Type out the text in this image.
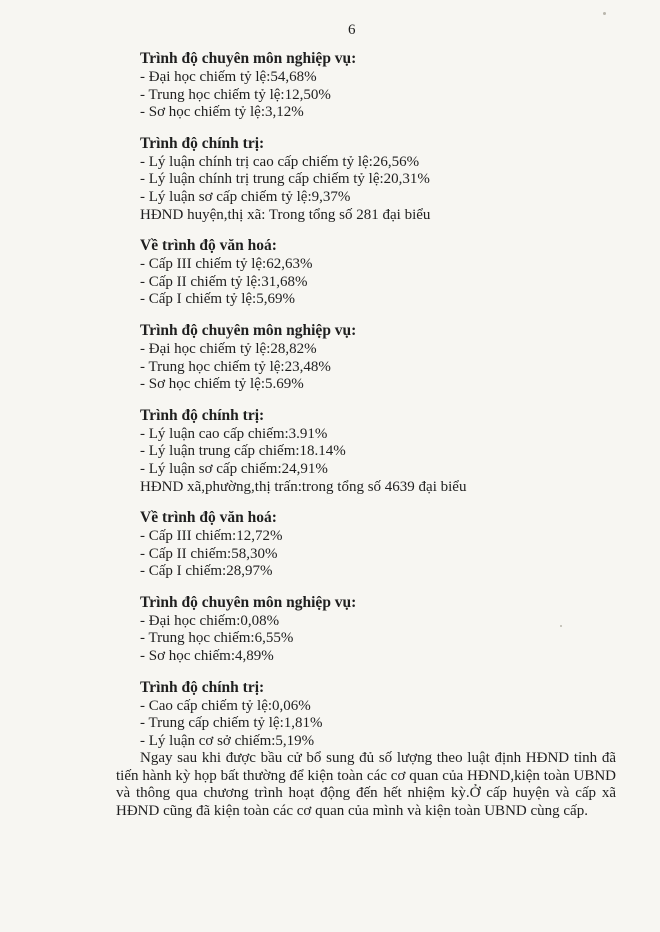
6
Trình độ chuyên môn nghiệp vụ:
- Đại học chiếm tỷ lệ:54,68%
- Trung học chiếm tỷ lệ:12,50%
- Sơ học chiếm tỷ lệ:3,12%
Trình độ chính trị:
- Lý luận chính trị cao cấp chiếm tỷ lệ:26,56%
- Lý luận chính trị trung cấp chiếm tỷ lệ:20,31%
- Lý luận sơ cấp chiếm tỷ lệ:9,37%
HĐND huyện,thị xã: Trong tổng số 281 đại biểu
Về trình độ văn hoá:
- Cấp III chiếm tỷ lệ:62,63%
- Cấp II chiếm tỷ lệ:31,68%
- Cấp I chiếm tỷ lệ:5,69%
Trình độ chuyên môn nghiệp vụ:
- Đại học chiếm tỷ lệ:28,82%
- Trung học chiếm tỷ lệ:23,48%
- Sơ học chiếm tỷ lệ:5.69%
Trình độ chính trị:
- Lý luận cao cấp chiếm:3.91%
- Lý luận trung cấp chiếm:18.14%
- Lý luận sơ cấp chiếm:24,91%
HĐND xã,phường,thị trấn:trong tổng số 4639 đại biểu
Về trình độ văn hoá:
- Cấp III chiếm:12,72%
- Cấp II chiếm:58,30%
- Cấp I chiếm:28,97%
Trình độ chuyên môn nghiệp vụ:
- Đại học chiếm:0,08%
- Trung học chiếm:6,55%
- Sơ học chiếm:4,89%
Trình độ chính trị:
- Cao cấp chiếm tỷ lệ:0,06%
- Trung cấp chiếm tỷ lệ:1,81%
- Lý luận cơ sở chiếm:5,19%
Ngay sau khi được bầu cử bổ sung đủ số lượng theo luật định HĐND tỉnh đã tiến hành kỳ họp bất thường để kiện toàn các cơ quan của HĐND,kiện toàn UBND và thông qua chương trình hoạt động đến hết nhiệm kỳ.Ở cấp huyện và cấp xã HĐND cũng đã kiện toàn các cơ quan của mình và kiện toàn UBND cùng cấp.
